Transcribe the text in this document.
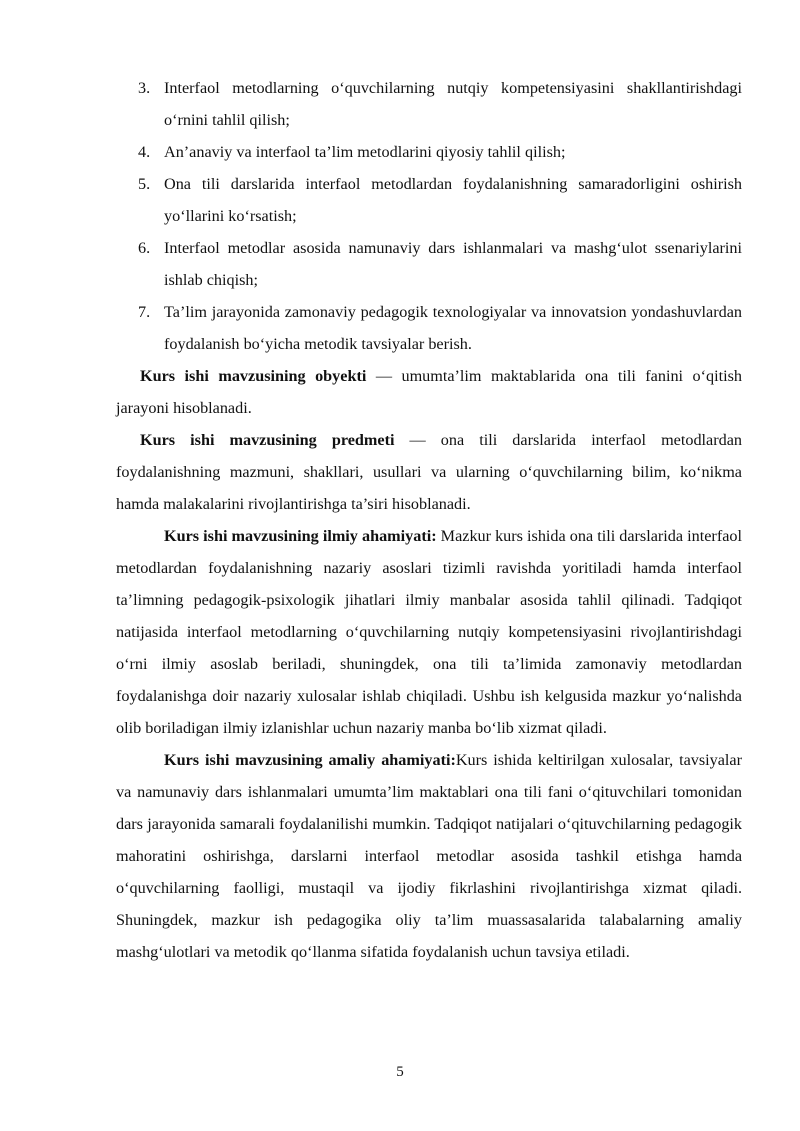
3. Interfaol metodlarning o‘quvchilarning nutqiy kompetensiyasini shakllantirishdagi o‘rnini tahlil qilish;
4. An’anaviy va interfaol ta’lim metodlarini qiyosiy tahlil qilish;
5. Ona tili darslarida interfaol metodlardan foydalanishning samaradorligini oshirish yo‘llarini ko‘rsatish;
6. Interfaol metodlar asosida namunaviy dars ishlanmalari va mashg‘ulot ssenariylarini ishlab chiqish;
7. Ta’lim jarayonida zamonaviy pedagogik texnologiyalar va innovatsion yondashuvlardan foydalanish bo‘yicha metodik tavsiyalar berish.

Kurs ishi mavzusining obyekti — umumta’lim maktablarida ona tili fanini o‘qitish jarayoni hisoblanadi.

Kurs ishi mavzusining predmeti — ona tili darslarida interfaol metodlardan foydalanishning mazmuni, shakllari, usullari va ularning o‘quvchilarning bilim, ko‘nikma hamda malakalarini rivojlantirishga ta’siri hisoblanadi.

Kurs ishi mavzusining ilmiy ahamiyati: Mazkur kurs ishida ona tili darslarida interfaol metodlardan foydalanishning nazariy asoslari tizimli ravishda yoritiladi hamda interfaol ta’limning pedagogik-psixologik jihatlari ilmiy manbalar asosida tahlil qilinadi. Tadqiqot natijasida interfaol metodlarning o‘quvchilarning nutqiy kompetensiyasini rivojlantirishdagi o‘rni ilmiy asoslab beriladi, shuningdek, ona tili ta’limida zamonaviy metodlardan foydalanishga doir nazariy xulosalar ishlab chiqiladi. Ushbu ish kelgusida mazkur yo‘nalishda olib boriladigan ilmiy izlanishlar uchun nazariy manba bo‘lib xizmat qiladi.

Kurs ishi mavzusining amaliy ahamiyati:Kurs ishida keltirilgan xulosalar, tavsiyalar va namunaviy dars ishlanmalari umumta’lim maktablari ona tili fani o‘qituvchilari tomonidan dars jarayonida samarali foydalanilishi mumkin. Tadqiqot natijalari o‘qituvchilarning pedagogik mahoratini oshirishga, darslarni interfaol metodlar asosida tashkil etishga hamda o‘quvchilarning faolligi, mustaqil va ijodiy fikrlashini rivojlantirishga xizmat qiladi. Shuningdek, mazkur ish pedagogika oliy ta’lim muassasalarida talabalarning amaliy mashg‘ulotlari va metodik qo‘llanma sifatida foydalanish uchun tavsiya etiladi.

5
